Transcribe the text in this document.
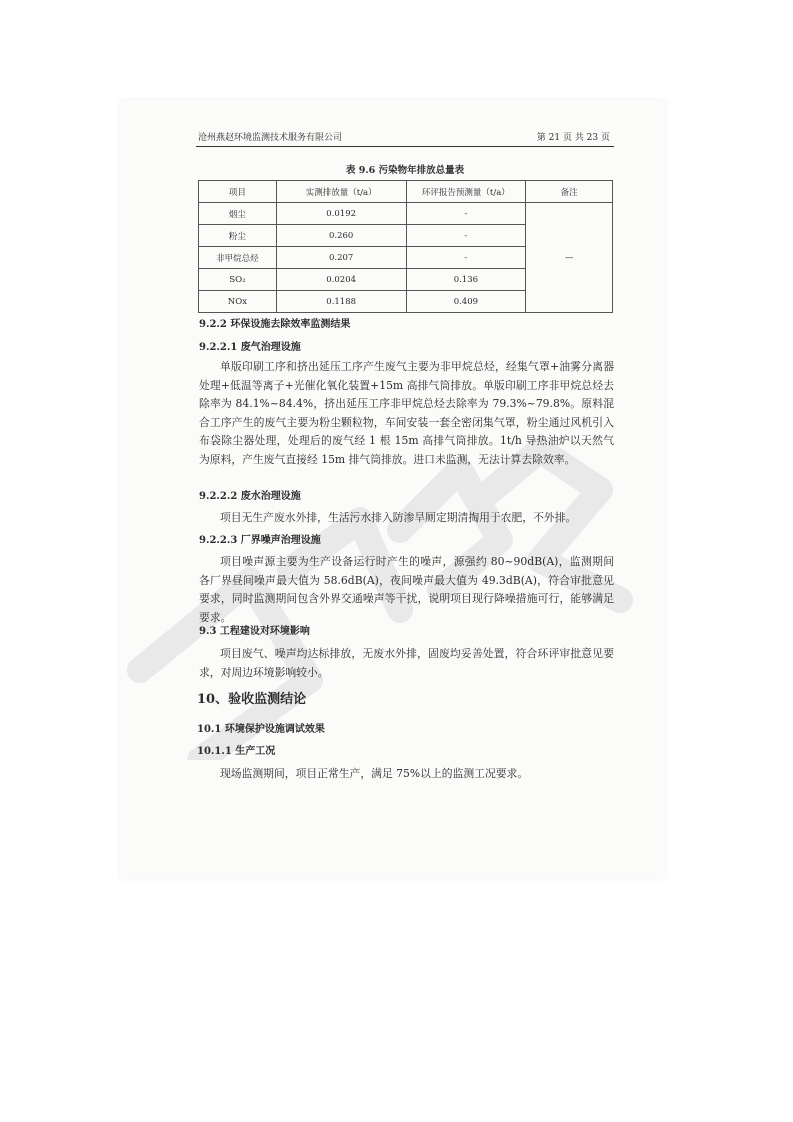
沧州燕赵环境监测技术服务有限公司	第 21 页 共 23 页
表 9.6 污染物年排放总量表
项目	实测排放量（t/a）	环评报告预测量（t/a）	备注
烟尘	0.0192	-	—
粉尘	0.260	-	
非甲烷总烃	0.207	-	
SO₂	0.0204	0.136	
NOx	0.1188	0.409	
9.2.2 环保设施去除效率监测结果
9.2.2.1 废气治理设施
单版印刷工序和挤出延压工序产生废气主要为非甲烷总烃，经集气罩+油雾分离器处理+低温等离子+光催化氧化装置+15m 高排气筒排放。单版印刷工序非甲烷总烃去除率为 84.1%~84.4%，挤出延压工序非甲烷总烃去除率为 79.3%~79.8%。原料混合工序产生的废气主要为粉尘颗粒物，车间安装一套全密闭集气罩，粉尘通过风机引入布袋除尘器处理，处理后的废气经 1 根 15m 高排气筒排放。1t/h 导热油炉以天然气为原料，产生废气直接经 15m 排气筒排放。进口未监测，无法计算去除效率。
9.2.2.2 废水治理设施
项目无生产废水外排，生活污水排入防渗旱厕定期清掏用于农肥，不外排。
9.2.2.3 厂界噪声治理设施
项目噪声源主要为生产设备运行时产生的噪声，源强约 80~90dB(A)，监测期间各厂界昼间噪声最大值为 58.6dB(A)，夜间噪声最大值为 49.3dB(A)，符合审批意见要求，同时监测期间包含外界交通噪声等干扰，说明项目现行降噪措施可行，能够满足要求。
9.3 工程建设对环境影响
项目废气、噪声均达标排放，无废水外排，固废均妥善处置，符合环评审批意见要求，对周边环境影响较小。
10、验收监测结论
10.1 环境保护设施调试效果
10.1.1 生产工况
现场监测期间，项目正常生产，满足 75%以上的监测工况要求。
